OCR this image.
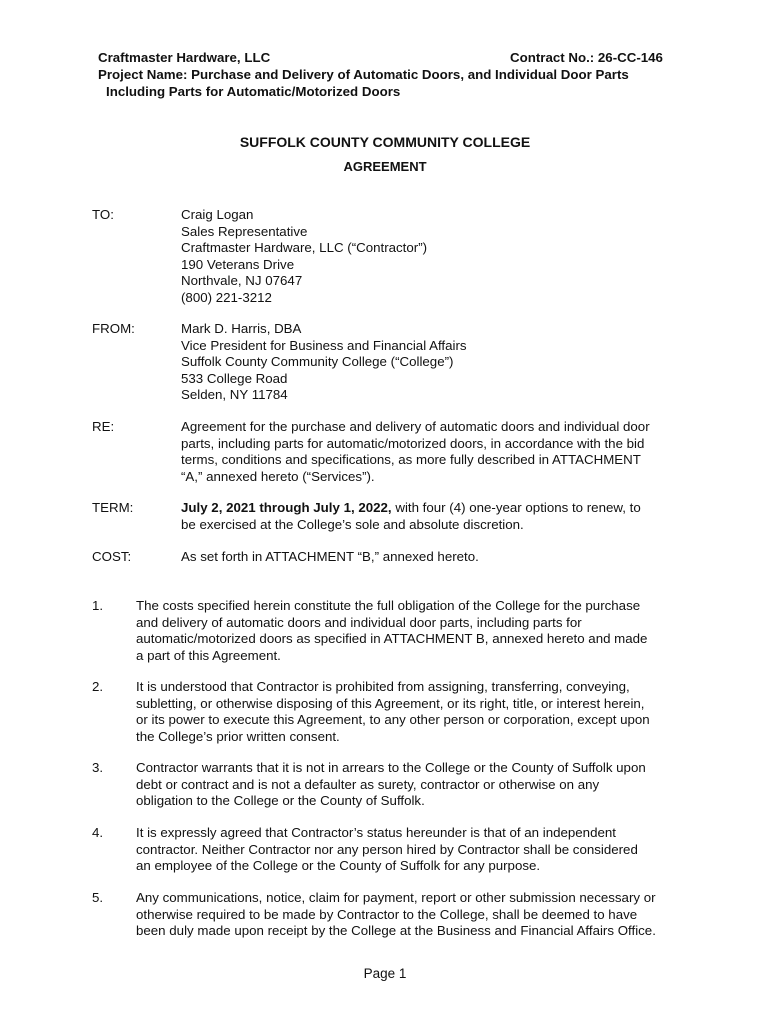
Craftmaster Hardware, LLC	Contract No.: 26-CC-146
Project Name: Purchase and Delivery of Automatic Doors, and Individual Door Parts
Including Parts for Automatic/Motorized Doors
SUFFOLK COUNTY COMMUNITY COLLEGE
AGREEMENT
TO:	Craig Logan
Sales Representative
Craftmaster Hardware, LLC (“Contractor”)
190 Veterans Drive
Northvale, NJ 07647
(800) 221-3212
FROM:	Mark D. Harris, DBA
Vice President for Business and Financial Affairs
Suffolk County Community College (“College”)
533 College Road
Selden, NY 11784
RE:	Agreement for the purchase and delivery of automatic doors and individual door
parts, including parts for automatic/motorized doors, in accordance with the bid
terms, conditions and specifications, as more fully described in ATTACHMENT
“A,” annexed hereto (“Services”).
TERM:	July 2, 2021 through July 1, 2022, with four (4) one-year options to renew, to
be exercised at the College’s sole and absolute discretion.
COST:	As set forth in ATTACHMENT “B,” annexed hereto.
1. The costs specified herein constitute the full obligation of the College for the purchase
and delivery of automatic doors and individual door parts, including parts for
automatic/motorized doors as specified in ATTACHMENT B, annexed hereto and made
a part of this Agreement.
2. It is understood that Contractor is prohibited from assigning, transferring, conveying,
subletting, or otherwise disposing of this Agreement, or its right, title, or interest herein,
or its power to execute this Agreement, to any other person or corporation, except upon
the College’s prior written consent.
3. Contractor warrants that it is not in arrears to the College or the County of Suffolk upon
debt or contract and is not a defaulter as surety, contractor or otherwise on any
obligation to the College or the County of Suffolk.
4. It is expressly agreed that Contractor’s status hereunder is that of an independent
contractor. Neither Contractor nor any person hired by Contractor shall be considered
an employee of the College or the County of Suffolk for any purpose.
5. Any communications, notice, claim for payment, report or other submission necessary or
otherwise required to be made by Contractor to the College, shall be deemed to have
been duly made upon receipt by the College at the Business and Financial Affairs Office.
Page 1
